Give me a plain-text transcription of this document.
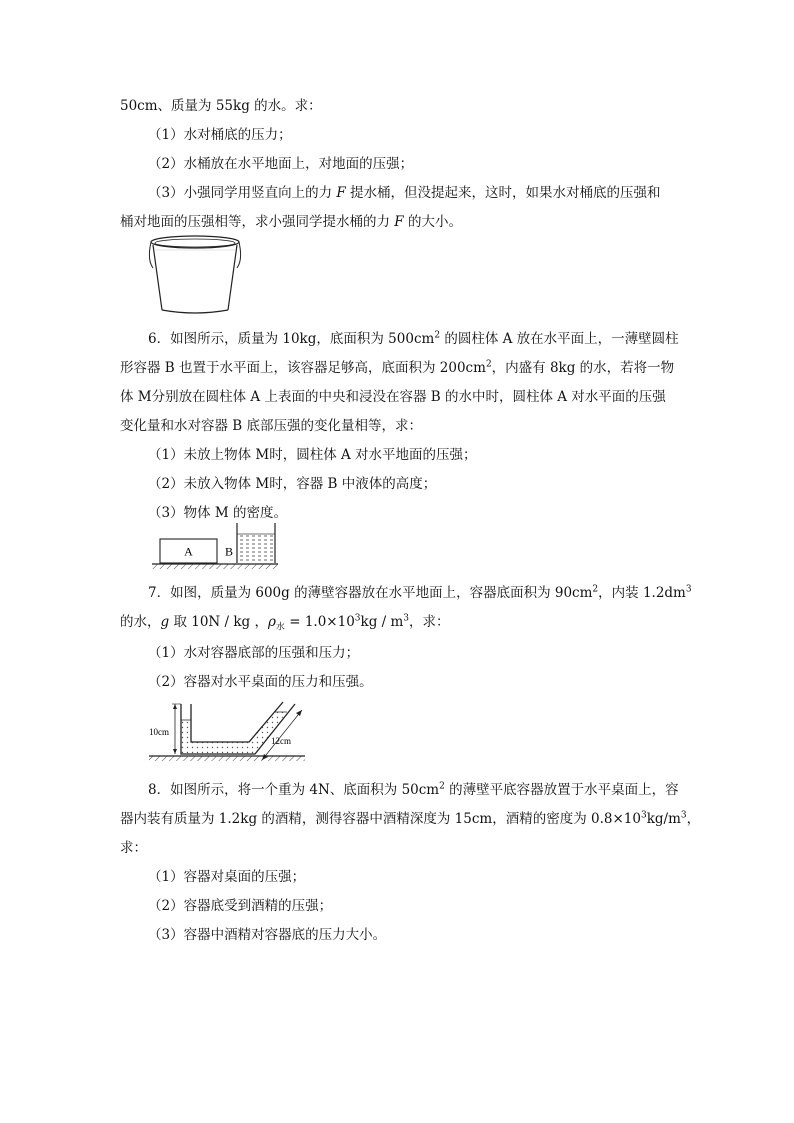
50cm、质量为 55kg 的水。求：
（1）水对桶底的压力；
（2）水桶放在水平地面上，对地面的压强；
（3）小强同学用竖直向上的力 F 提水桶，但没提起来，这时，如果水对桶底的压强和
桶对地面的压强相等，求小强同学提水桶的力 F 的大小。
6．如图所示，质量为 10kg，底面积为 $500cm^2$ 的圆柱体 A 放在水平面上，一薄壁圆柱
形容器 B 也置于水平面上，该容器足够高，底面积为 $200cm^2$，内盛有 8kg 的水，若将一物
体 M分别放在圆柱体 A 上表面的中央和浸没在容器 B 的水中时，圆柱体 A 对水平面的压强
变化量和水对容器 B 底部压强的变化量相等，求：
（1）未放上物体 M时，圆柱体 A 对水平地面的压强；
（2）未放入物体 M时，容器 B 中液体的高度；
（3）物体 M 的密度。
A	B
7．如图，质量为 600g 的薄壁容器放在水平地面上，容器底面积为 $90cm^2$，内装 $1.2dm^3$
的水，g 取 10N / kg ，$\rho_水 = 1.0\times 10^3kg / m^3$，求：
（1）水对容器底部的压强和压力；
（2）容器对水平桌面的压力和压强。
10cm
12cm
8．如图所示，将一个重为 4N、底面积为 $50cm^2$ 的薄壁平底容器放置于水平桌面上，容
器内装有质量为 1.2kg 的酒精，测得容器中酒精深度为 15cm，酒精的密度为 $0.8\times 10^3kg/m^3$，
求：
（1）容器对桌面的压强；
（2）容器底受到酒精的压强；
（3）容器中酒精对容器底的压力大小。
